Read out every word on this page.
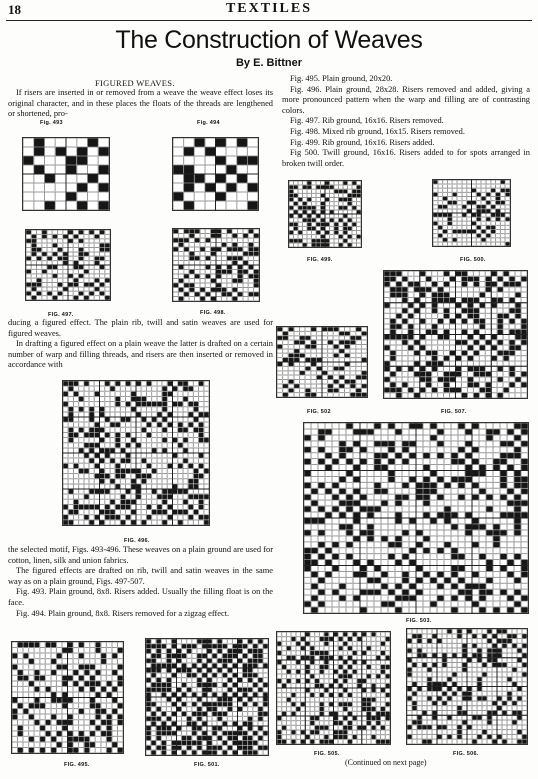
18	TEXTILES
The Construction of Weaves
By E. Bittner
FIGURED WEAVES.

If risers are inserted in or removed from a weave the weave effect loses its original character, and in these places the floats of the threads are lengthened or shortened, pro-

Fig. 493	Fig. 494
FIG. 497.	FIG. 498.

ducing a figured effect. The plain rib, twill and satin weaves are used for figured weaves.

In drafting a figured effect on a plain weave the latter is drafted on a certain number of warp and filling threads, and risers are then inserted or removed in accordance with

FIG. 496.

the selected motif, Figs. 493-496. These weaves on a plain ground are used for cotton, linen, silk and union fabrics.

The figured effects are drafted on rib, twill and satin weaves in the same way as on a plain ground, Figs. 497-507.

Fig. 493. Plain ground, 8x8. Risers added. Usually the filling float is on the face.

Fig. 494. Plain ground, 8x8. Risers removed for a zigzag effect.

FIG. 495.	FIG. 501.

Fig. 495. Plain ground, 20x20.

Fig. 496. Plain ground, 28x28. Risers removed and added, giving a more pronounced pattern when the warp and filling are of contrasting colors.

Fig. 497. Rib ground, 16x16. Risers removed.

Fig. 498. Mixed rib ground, 16x15. Risers removed.

Fig. 499. Rib ground, 16x16. Risers added.

Fig 500. Twill ground, 16x16. Risers added to for spots arranged in broken twill order.

FIG. 499.	FIG. 500.
FIG. 502	FIG. 507.
FIG. 503.
FIG. 505.	FIG. 506.
(Continued on next page)
